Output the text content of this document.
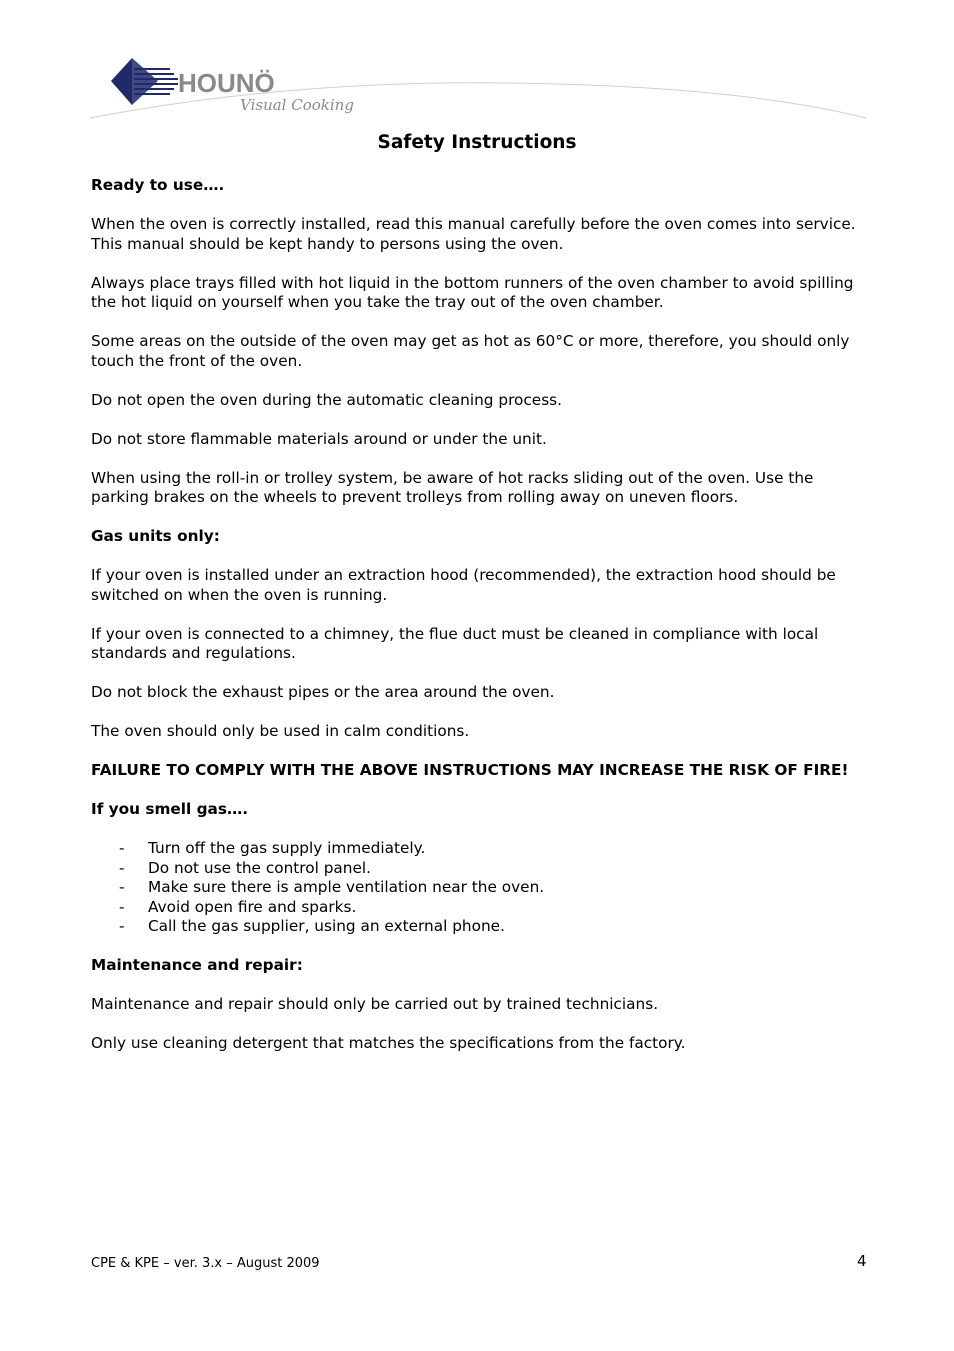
HOUNÖ
Visual Cooking
Safety Instructions

Ready to use….

When the oven is correctly installed, read this manual carefully before the oven comes into service.
This manual should be kept handy to persons using the oven.

Always place trays filled with hot liquid in the bottom runners of the oven chamber to avoid spilling the hot liquid on yourself when you take the tray out of the oven chamber.

Some areas on the outside of the oven may get as hot as 60°C or more, therefore, you should only touch the front of the oven.

Do not open the oven during the automatic cleaning process.

Do not store flammable materials around or under the unit.

When using the roll-in or trolley system, be aware of hot racks sliding out of the oven. Use the parking brakes on the wheels to prevent trolleys from rolling away on uneven floors.

Gas units only:

If your oven is installed under an extraction hood (recommended), the extraction hood should be switched on when the oven is running.

If your oven is connected to a chimney, the flue duct must be cleaned in compliance with local standards and regulations.

Do not block the exhaust pipes or the area around the oven.

The oven should only be used in calm conditions.

FAILURE TO COMPLY WITH THE ABOVE INSTRUCTIONS MAY INCREASE THE RISK OF FIRE!

If you smell gas….

- Turn off the gas supply immediately.
- Do not use the control panel.
- Make sure there is ample ventilation near the oven.
- Avoid open fire and sparks.
- Call the gas supplier, using an external phone.

Maintenance and repair:

Maintenance and repair should only be carried out by trained technicians.

Only use cleaning detergent that matches the specifications from the factory.

CPE & KPE – ver. 3.x – August 2009	4
